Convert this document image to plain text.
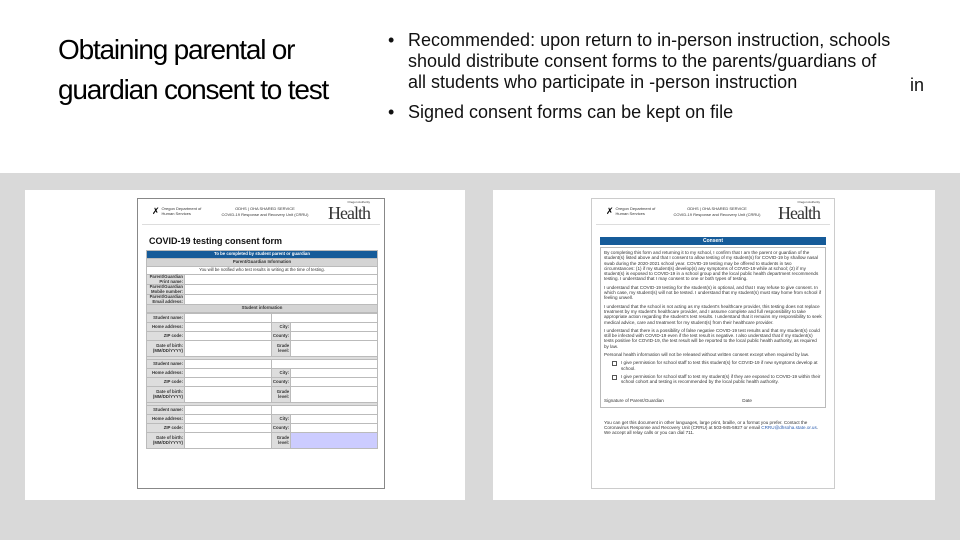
Obtaining parental or guardian consent to test
• Recommended: upon return to in-person instruction, schools should distribute consent forms to the parents/guardians of all students who participate in -person instruction
• Signed consent forms can be kept on file
in
✗ Oregon Department of Human Services
ODHS | OHA SHARED SERVICE
COVID-19 Response and Recovery Unit (CRRU)
Oregon Authority
Health
COVID-19 testing consent form
To be completed by student parent or guardian	
Parent/Guardian Information	
You will be notified who test results in writing at the time of testing.	
Parent/Guardian Print name:	
Parent/Guardian Mobile number:	
Parent/Guardian Email address:	
Student information	
Student name:			
Home address:		City:	
ZIP code:		County:	
Date of birth: (MM/DD/YYYY)		Grade level:	

Student name:			
Home address:		City:	
ZIP code:		County:	
Date of birth: (MM/DD/YYYY)		Grade level:	

Student name:			
Home address:		City:	
ZIP code:		County:	
Date of birth: (MM/DD/YYYY)		Grade level:	
✗ Oregon Department of Human Services
ODHS | OHA SHARED SERVICE
COVID-19 Response and Recovery Unit (CRRU)
Oregon Authority
Health
Consent

By completing this form and returning it to my school, I confirm that I am the parent or guardian of the student(s) listed above and that I consent to allow testing of my student(s) for COVID-19 by shallow nasal swab during the 2020-2021 school year. COVID-19 testing may be offered to students in two circumstances: (1) if my student(s) develop(s) any symptoms of COVID-19 while at school; (2) if my student(s) is exposed to COVID-19 in a school group and the local public health department recommends testing. I understand that I may consent to one or both types of testing.

I understand that COVID-19 testing for the student(s) is optional, and that I may refuse to give consent. In which case, my student(s) will not be tested. I understand that my student(s) must stay home from school if feeling unwell.

I understand that the school is not acting as my student's healthcare provider, this testing does not replace treatment by my student's healthcare provider, and I assume complete and full responsibility to take appropriate action regarding the student's test results. I understand that it remains my responsibility to seek medical advice, care and treatment for my student(s) from their healthcare provider.

I understand that there is a possibility of false negative COVID-19 test results and that my student(s) could still be infected with COVID-19 even if the test result is negative. I also understand that if my student(s) tests positive for COVID-19, the test result will be reported to the local public health authority, as required by law.

Personal health information will not be released without written consent except when required by law.

I give permission for school staff to test this student(s) for COVID-19 if new symptoms develop at school.
I give permission for school staff to test my student(s) if they are exposed to COVID-19 within their school cohort and testing is recommended by the local public health authority.
Signature of Parent/Guardian	Date
You can get this document in other languages, large print, braille, or a format you prefer. Contact the Coronavirus Response and Recovery Unit (CRRU) at 503-945-5927 or email CRRU@dhsoha.state.or.us. We accept all relay calls or you can dial 711.
